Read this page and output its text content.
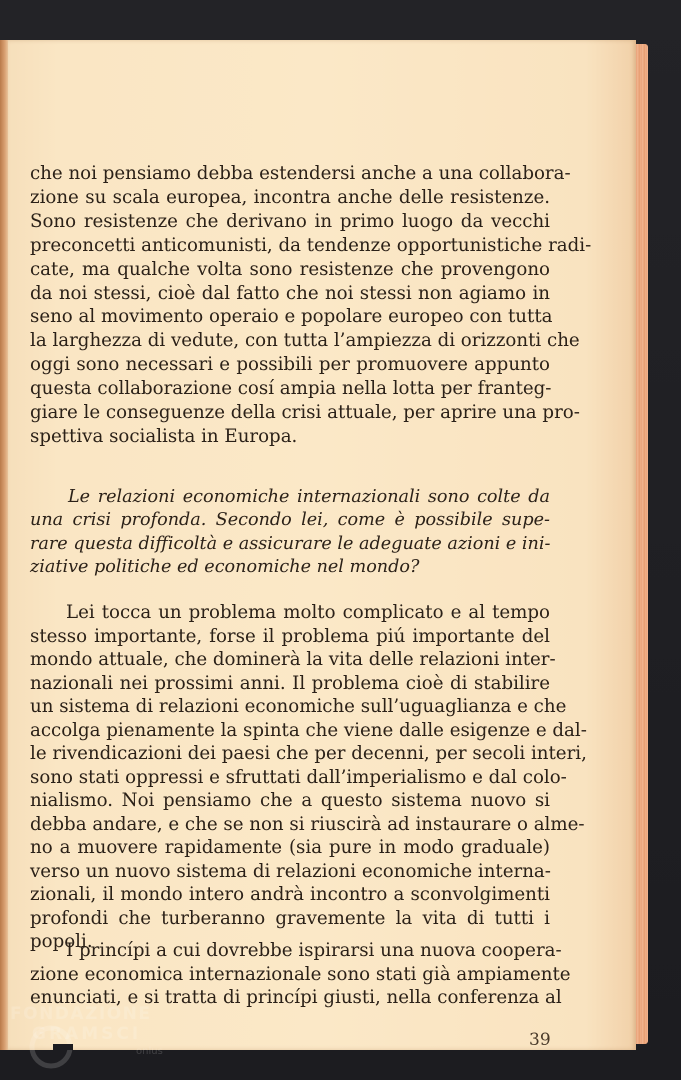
che noi pensiamo debba estendersi anche a una collabora-
zione su scala europea, incontra anche delle resistenze.
Sono resistenze che derivano in primo luogo da vecchi
preconcetti anticomunisti, da tendenze opportunistiche radi-
cate, ma qualche volta sono resistenze che provengono
da noi stessi, cioè dal fatto che noi stessi non agiamo in
seno al movimento operaio e popolare europeo con tutta
la larghezza di vedute, con tutta l’ampiezza di orizzonti che
oggi sono necessari e possibili per promuovere appunto
questa collaborazione cosí ampia nella lotta per franteg-
giare le conseguenze della crisi attuale, per aprire una pro-
spettiva socialista in Europa.

Le relazioni economiche internazionali sono colte da
una crisi profonda. Secondo lei, come è possibile supe-
rare questa difficoltà e assicurare le adeguate azioni e ini-
ziative politiche ed economiche nel mondo?

Lei tocca un problema molto complicato e al tempo
stesso importante, forse il problema piú importante del
mondo attuale, che dominerà la vita delle relazioni inter-
nazionali nei prossimi anni. Il problema cioè di stabilire
un sistema di relazioni economiche sull’uguaglianza e che
accolga pienamente la spinta che viene dalle esigenze e dal-
le rivendicazioni dei paesi che per decenni, per secoli interi,
sono stati oppressi e sfruttati dall’imperialismo e dal colo-
nialismo. Noi pensiamo che a questo sistema nuovo si
debba andare, e che se non si riuscirà ad instaurare o alme-
no a muovere rapidamente (sia pure in modo graduale)
verso un nuovo sistema di relazioni economiche interna-
zionali, il mondo intero andrà incontro a sconvolgimenti
profondi che turberanno gravemente la vita di tutti i
popoli.

I princípi a cui dovrebbe ispirarsi una nuova coopera-
zione economica internazionale sono stati già ampiamente
enunciati, e si tratta di princípi giusti, nella conferenza al

39

onlus
